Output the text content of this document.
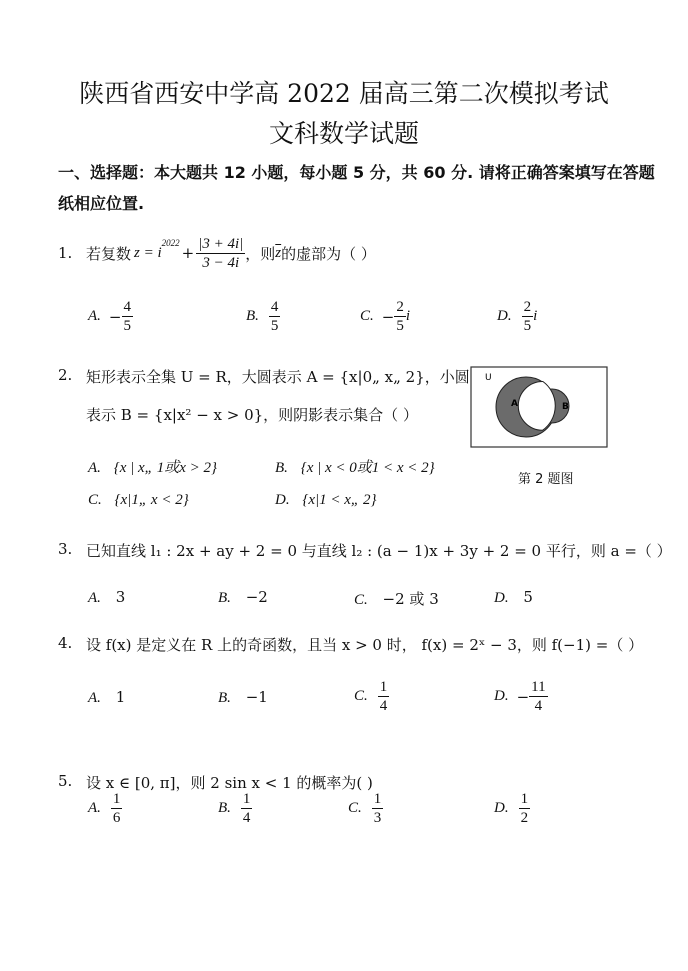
陕西省西安中学高 2022 届高三第二次模拟考试
文科数学试题
一、选择题：本大题共 12 小题，每小题 5 分，共 60 分. 请将正确答案填写在答题
纸相应位置.
1. 若复数 z = i
$^{2022}$
+ $\frac{|3 + 4i|}{3 - 4i}$ ，则 $\overline{z}$ 的虚部为（ ）
A. − $\frac{4}{5}$	B. $\frac{4}{5}$	C. − $\frac{2}{5}$ i	D. $\frac{2}{5}$ i
2. 矩形表示全集 U = R，大圆表示 A = {x|0„ x„ 2}，小圆
表示 B = {x|x² − x > 0}，则阴影表示集合（ ）
U
A	B
第 2 题图
A. {x | x„ 1或x > 2}	B. {x | x < 0或1 < x < 2}
C. {x|1„ x < 2}	D. {x|1 < x„ 2}
3. 已知直线 l₁ : 2x + ay + 2 = 0 与直线 l₂ : (a − 1)x + 3y + 2 = 0 平行，则 a =（ ）
A. 3	B. −2	C. −2 或 3	D. 5
4. 设 f(x) 是定义在 R 上的奇函数，且当 x > 0 时， f(x) = 2ˣ − 3，则 f(−1) =（ ）
A. 1	B. −1	C. $\frac{1}{4}$	D. − $\frac{11}{4}$
5. 设 x ∈ [0, π]，则 2 sin x < 1 的概率为( )
A. $\frac{1}{6}$	B. $\frac{1}{4}$	C. $\frac{1}{3}$	D. $\frac{1}{2}$
